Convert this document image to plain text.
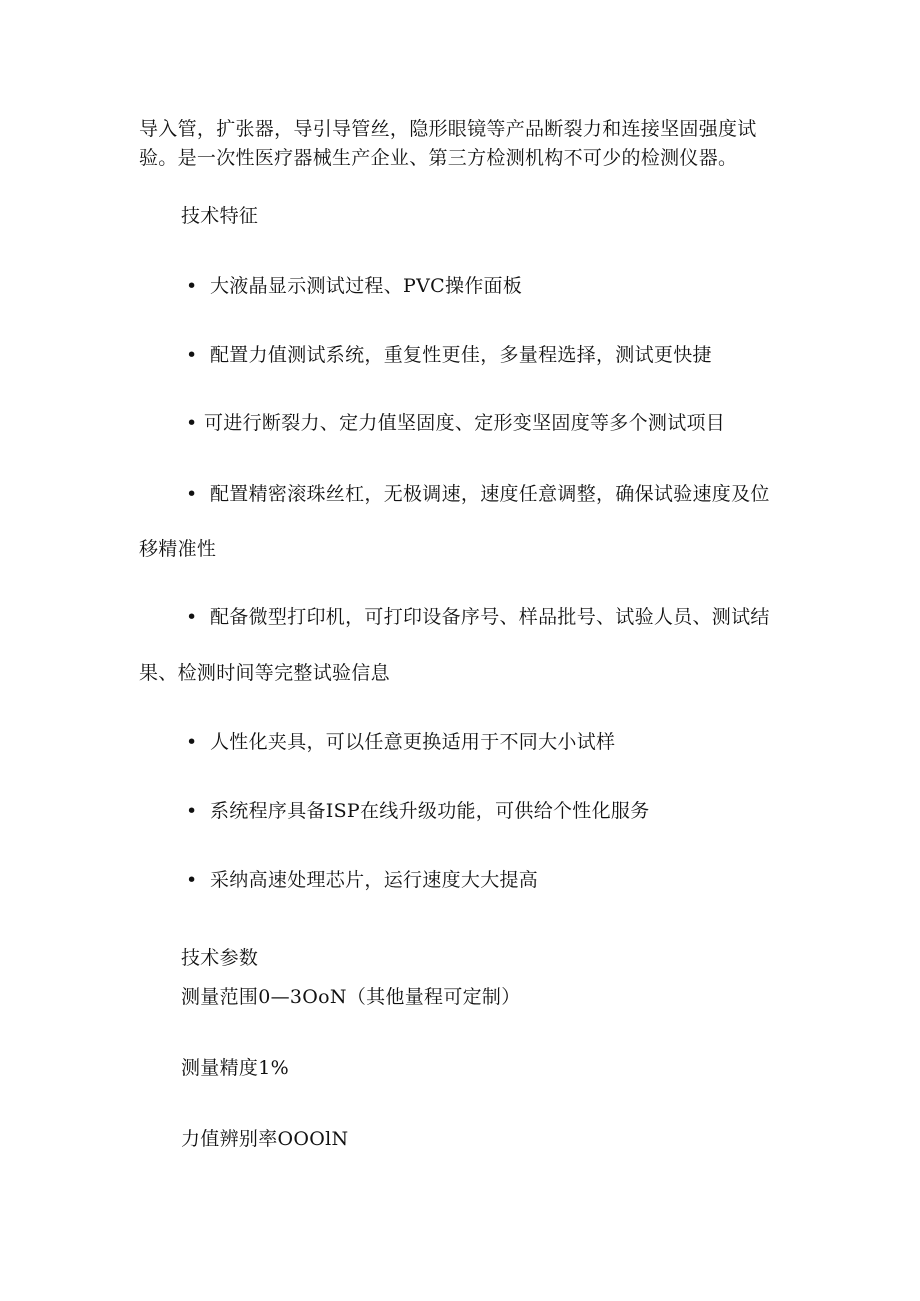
导入管，扩张器，导引导管丝，隐形眼镜等产品断裂力和连接坚固强度试
验。是一次性医疗器械生产企业、第三方检测机构不可少的检测仪器。
技术特征
• 大液晶显示测试过程、PVC操作面板
• 配置力值测试系统，重复性更佳，多量程选择，测试更快捷
• 可进行断裂力、定力值坚固度、定形变坚固度等多个测试项目
• 配置精密滚珠丝杠，无极调速，速度任意调整，确保试验速度及位
移精准性
• 配备微型打印机，可打印设备序号、样品批号、试验人员、测试结
果、检测时间等完整试验信息
• 人性化夹具，可以任意更换适用于不同大小试样
• 系统程序具备ISP在线升级功能，可供给个性化服务
• 采纳高速处理芯片，运行速度大大提高
技术参数
测量范围0—3OoN（其他量程可定制）
测量精度1%
力值辨别率OOOlN
